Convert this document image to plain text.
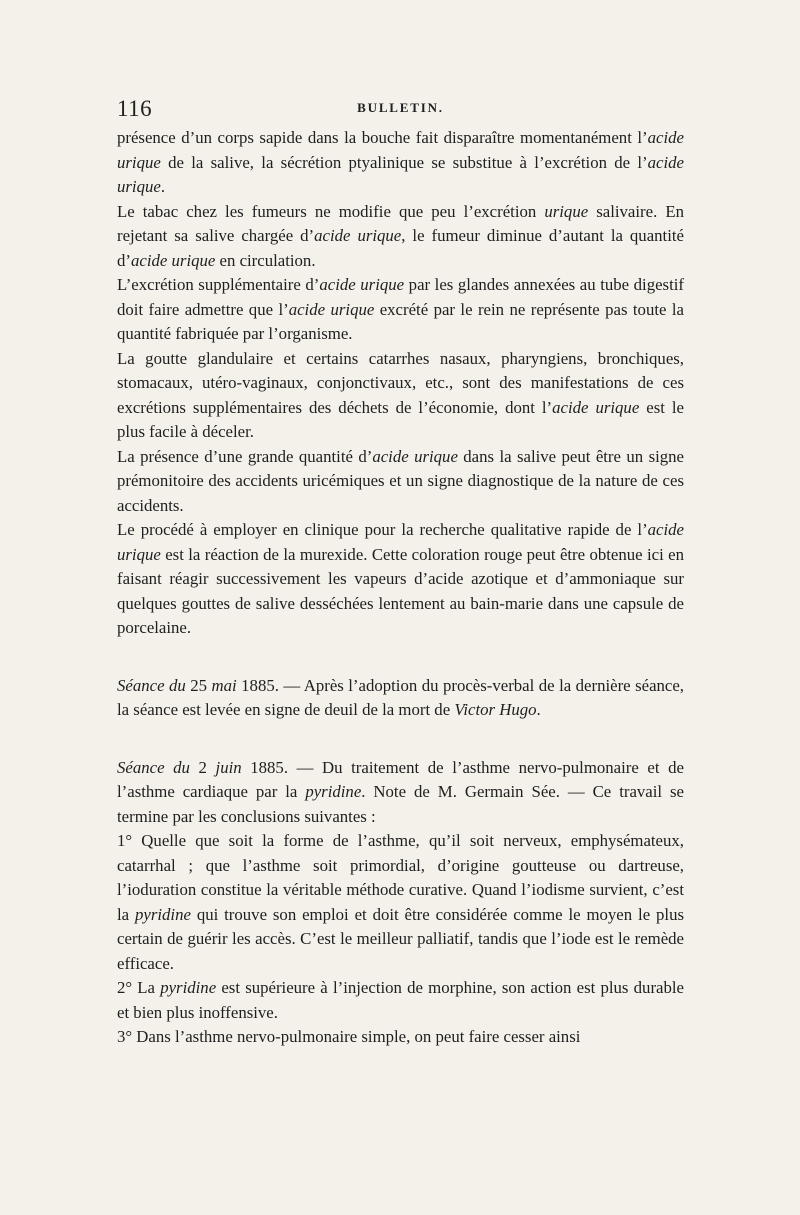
116	BULLETIN.

présence d’un corps sapide dans la bouche fait disparaître momentanément l’acide urique de la salive, la sécrétion ptyalinique se substitue à l’excrétion de l’acide urique.

Le tabac chez les fumeurs ne modifie que peu l’excrétion urique salivaire. En rejetant sa salive chargée d’acide urique, le fumeur diminue d’autant la quantité d’acide urique en circulation.

L’excrétion supplémentaire d’acide urique par les glandes annexées au tube digestif doit faire admettre que l’acide urique excrété par le rein ne représente pas toute la quantité fabriquée par l’organisme.

La goutte glandulaire et certains catarrhes nasaux, pharyngiens, bronchiques, stomacaux, utéro-vaginaux, conjonctivaux, etc., sont des manifestations de ces excrétions supplémentaires des déchets de l’économie, dont l’acide urique est le plus facile à déceler.

La présence d’une grande quantité d’acide urique dans la salive peut être un signe prémonitoire des accidents uricémiques et un signe diagnostique de la nature de ces accidents.

Le procédé à employer en clinique pour la recherche qualitative rapide de l’acide urique est la réaction de la murexide. Cette coloration rouge peut être obtenue ici en faisant réagir successivement les vapeurs d’acide azotique et d’ammoniaque sur quelques gouttes de salive desséchées lentement au bain-marie dans une capsule de porcelaine.

Séance du 25 mai 1885. — Après l’adoption du procès-verbal de la dernière séance, la séance est levée en signe de deuil de la mort de Victor Hugo.

Séance du 2 juin 1885. — Du traitement de l’asthme nervo-pulmonaire et de l’asthme cardiaque par la pyridine. Note de M. Germain Sée. — Ce travail se termine par les conclusions suivantes :

1° Quelle que soit la forme de l’asthme, qu’il soit nerveux, emphysémateux, catarrhal ; que l’asthme soit primordial, d’origine goutteuse ou dartreuse, l’ioduration constitue la véritable méthode curative. Quand l’iodisme survient, c’est la pyridine qui trouve son emploi et doit être considérée comme le moyen le plus certain de guérir les accès. C’est le meilleur palliatif, tandis que l’iode est le remède efficace.

2° La pyridine est supérieure à l’injection de morphine, son action est plus durable et bien plus inoffensive.

3° Dans l’asthme nervo-pulmonaire simple, on peut faire cesser ainsi
